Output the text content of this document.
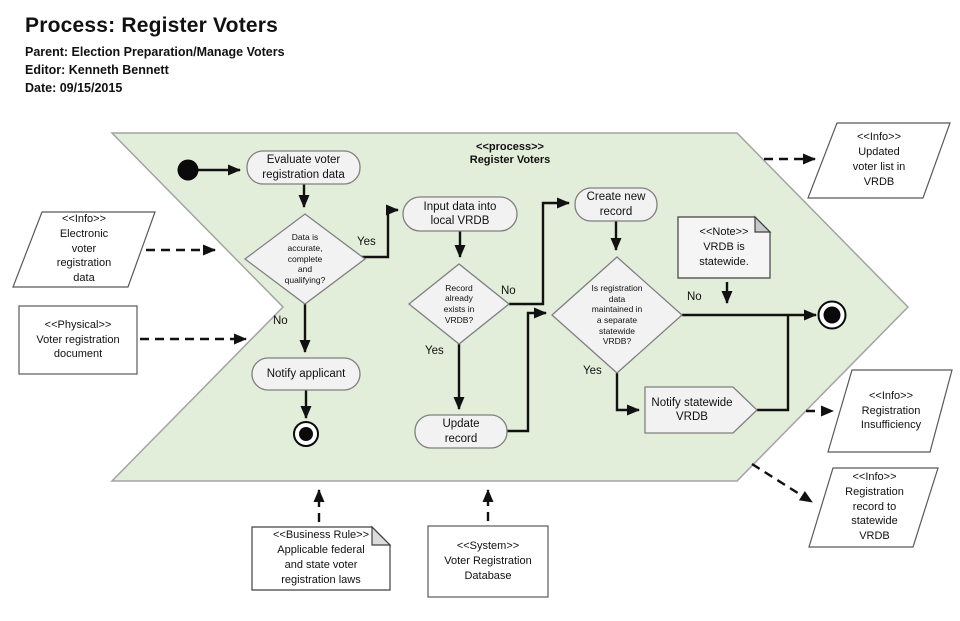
Process: Register Voters
Parent: Election Preparation/Manage Voters
Editor: Kenneth Bennett
Date: 09/15/2015
<<process>>
Register Voters
Evaluate voter
registration data
Input data into
local VRDB
Create new
record
Update
record
Notify applicant
Notify statewide
VRDB
Data is
accurate,
complete
and
qualifying?
Record
already
exists in
VRDB?
Is registration
data
maintained in
a separate
statewide
VRDB?
<<Note>>
VRDB is
statewide.
<<Business Rule>>
Applicable federal
and state voter
registration laws
<<Info>>
Electronic
voter
registration
data
<<Physical>>
Voter registration
document
<<Info>>
Updated
voter list in
VRDB
<<Info>>
Registration
Insufficiency
<<Info>>
Registration
record to
statewide
VRDB
<<System>>
Voter Registration
Database
Yes
No
No
Yes
No
Yes
